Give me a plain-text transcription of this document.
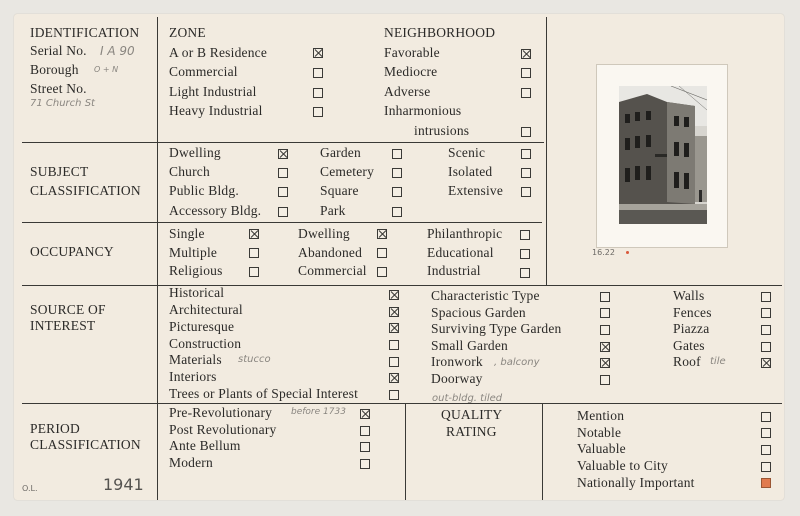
IDENTIFICATION
Serial No. I A 90
Borough O + N
Street No.
71 Church St
ZONE
A or B Residence
Commercial
Light Industrial
Heavy Industrial
NEIGHBORHOOD
Favorable
Mediocre
Adverse
Inharmonious
intrusions
SUBJECT
CLASSIFICATION
Dwelling
Church
Public Bldg.
Accessory Bldg.
Garden
Cemetery
Square
Park
Scenic
Isolated
Extensive
OCCUPANCY
Single
Multiple
Religious
Dwelling
Abandoned
Commercial
Philanthropic
Educational
Industrial
SOURCE OF
INTEREST
Historical
Architectural
Picturesque
Construction
Materials stucco
Interiors
Trees or Plants of Special Interest
Characteristic Type
Spacious Garden
Surviving Type Garden
Small Garden
Ironwork , balcony
Doorway
out-bldg. tiled
Walls
Fences
Piazza
Gates
Roof tile
PERIOD
CLASSIFICATION
Pre-Revolutionary before 1733
Post Revolutionary
Ante Bellum
Modern
O.L.	1941
QUALITY
RATING
Mention
Notable
Valuable
Valuable to City
Nationally Important
16.22
